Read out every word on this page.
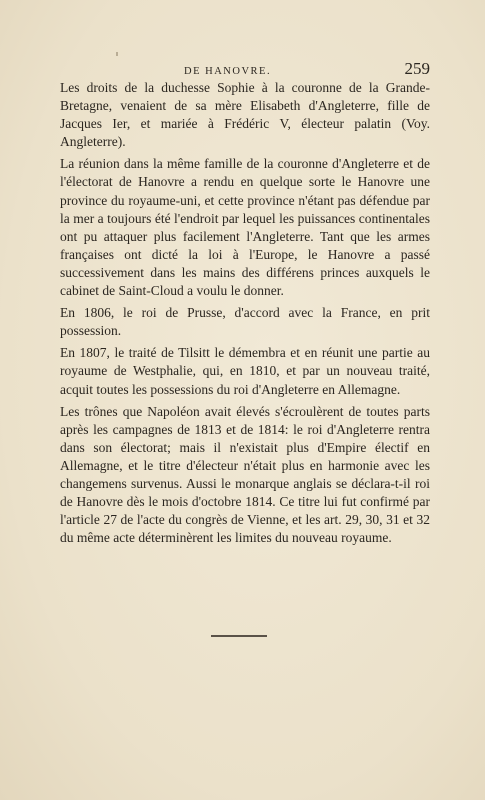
DE HANOVRE.	259

Les droits de la duchesse Sophie à la couronne de la Grande-Bretagne, venaient de sa mère Elisabeth d'Angleterre, fille de Jacques Ier, et mariée à Frédéric V, électeur palatin (Voy. Angleterre).

La réunion dans la même famille de la couronne d'Angleterre et de l'électorat de Hanovre a rendu en quelque sorte le Hanovre une province du royaume-uni, et cette province n'étant pas défendue par la mer a toujours été l'endroit par lequel les puissances continentales ont pu attaquer plus facilement l'Angleterre. Tant que les armes françaises ont dicté la loi à l'Europe, le Hanovre a passé successivement dans les mains des différens princes auxquels le cabinet de Saint-Cloud a voulu le donner.

En 1806, le roi de Prusse, d'accord avec la France, en prit possession.

En 1807, le traité de Tilsitt le démembra et en réunit une partie au royaume de Westphalie, qui, en 1810, et par un nouveau traité, acquit toutes les possessions du roi d'Angleterre en Allemagne.

Les trônes que Napoléon avait élevés s'écroulèrent de toutes parts après les campagnes de 1813 et de 1814: le roi d'Angleterre rentra dans son électorat; mais il n'existait plus d'Empire électif en Allemagne, et le titre d'électeur n'était plus en harmonie avec les changemens survenus. Aussi le monarque anglais se déclara-t-il roi de Hanovre dès le mois d'octobre 1814. Ce titre lui fut confirmé par l'article 27 de l'acte du congrès de Vienne, et les art. 29, 30, 31 et 32 du même acte déterminèrent les limites du nouveau royaume.
